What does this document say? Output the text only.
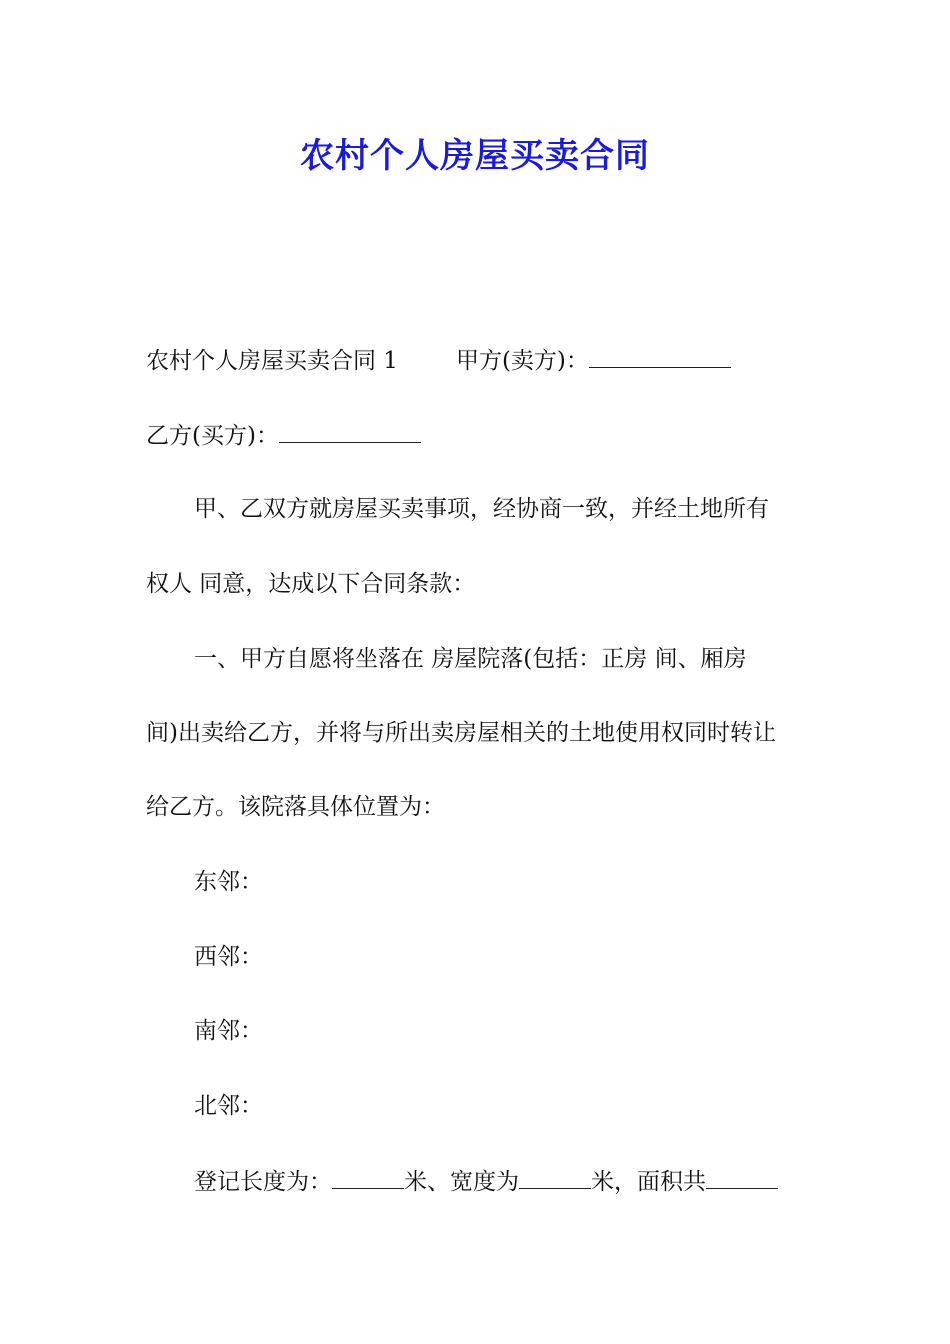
农村个人房屋买卖合同
农村个人房屋买卖合同 1	甲方(卖方)：
乙方(买方)：
甲、乙双方就房屋买卖事项，经协商一致，并经土地所有
权人 同意，达成以下合同条款：
一、甲方自愿将坐落在 房屋院落(包括：正房 间、厢房
间)出卖给乙方，并将与所出卖房屋相关的土地使用权同时转让
给乙方。该院落具体位置为：
东邻：
西邻：
南邻：
北邻：
登记长度为：	米、宽度为	米，面积共
